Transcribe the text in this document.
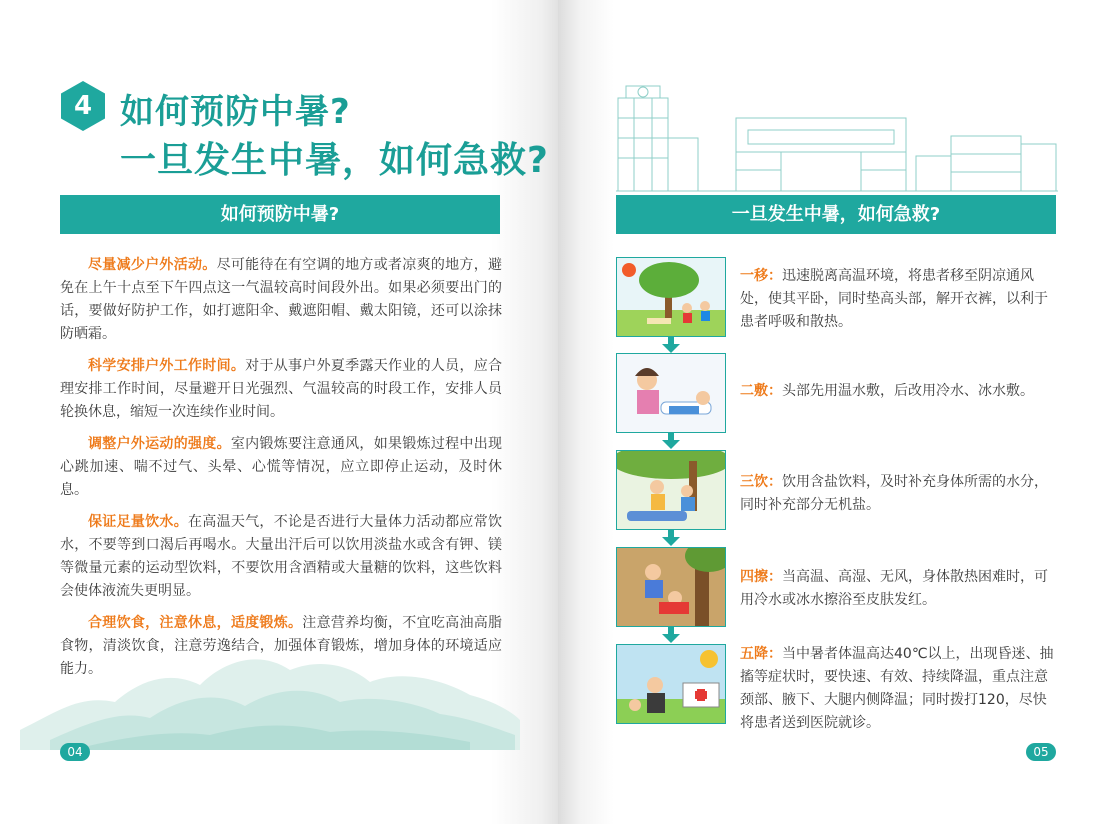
4 如何预防中暑?
一旦发生中暑，如何急救?
如何预防中暑?

尽量减少户外活动。尽可能待在有空调的地方或者凉爽的地方，避免在上午十点至下午四点这一气温较高时间段外出。如果必须要出门的话，要做好防护工作，如打遮阳伞、戴遮阳帽、戴太阳镜，还可以涂抹防晒霜。

科学安排户外工作时间。对于从事户外夏季露天作业的人员，应合理安排工作时间，尽量避开日光强烈、气温较高的时段工作，安排人员轮换休息，缩短一次连续作业时间。

调整户外运动的强度。室内锻炼要注意通风，如果锻炼过程中出现心跳加速、喘不过气、头晕、心慌等情况，应立即停止运动，及时休息。

保证足量饮水。在高温天气，不论是否进行大量体力活动都应常饮水，不要等到口渴后再喝水。大量出汗后可以饮用淡盐水或含有钾、镁等微量元素的运动型饮料，不要饮用含酒精或大量糖的饮料，这些饮料会使体液流失更明显。

合理饮食，注意休息，适度锻炼。注意营养均衡，不宜吃高油高脂食物，清淡饮食，注意劳逸结合，加强体育锻炼，增加身体的环境适应能力。

04
一旦发生中暑，如何急救?
一移：迅速脱离高温环境，将患者移至阴凉通风处，使其平卧，同时垫高头部，解开衣裤，以利于患者呼吸和散热。
二敷：头部先用温水敷，后改用冷水、冰水敷。
三饮：饮用含盐饮料，及时补充身体所需的水分，同时补充部分无机盐。
四擦：当高温、高湿、无风，身体散热困难时，可用冷水或冰水擦浴至皮肤发红。
五降：当中暑者体温高达40℃以上，出现昏迷、抽搐等症状时，要快速、有效、持续降温，重点注意颈部、腋下、大腿内侧降温；同时拨打120，尽快将患者送到医院就诊。
05
